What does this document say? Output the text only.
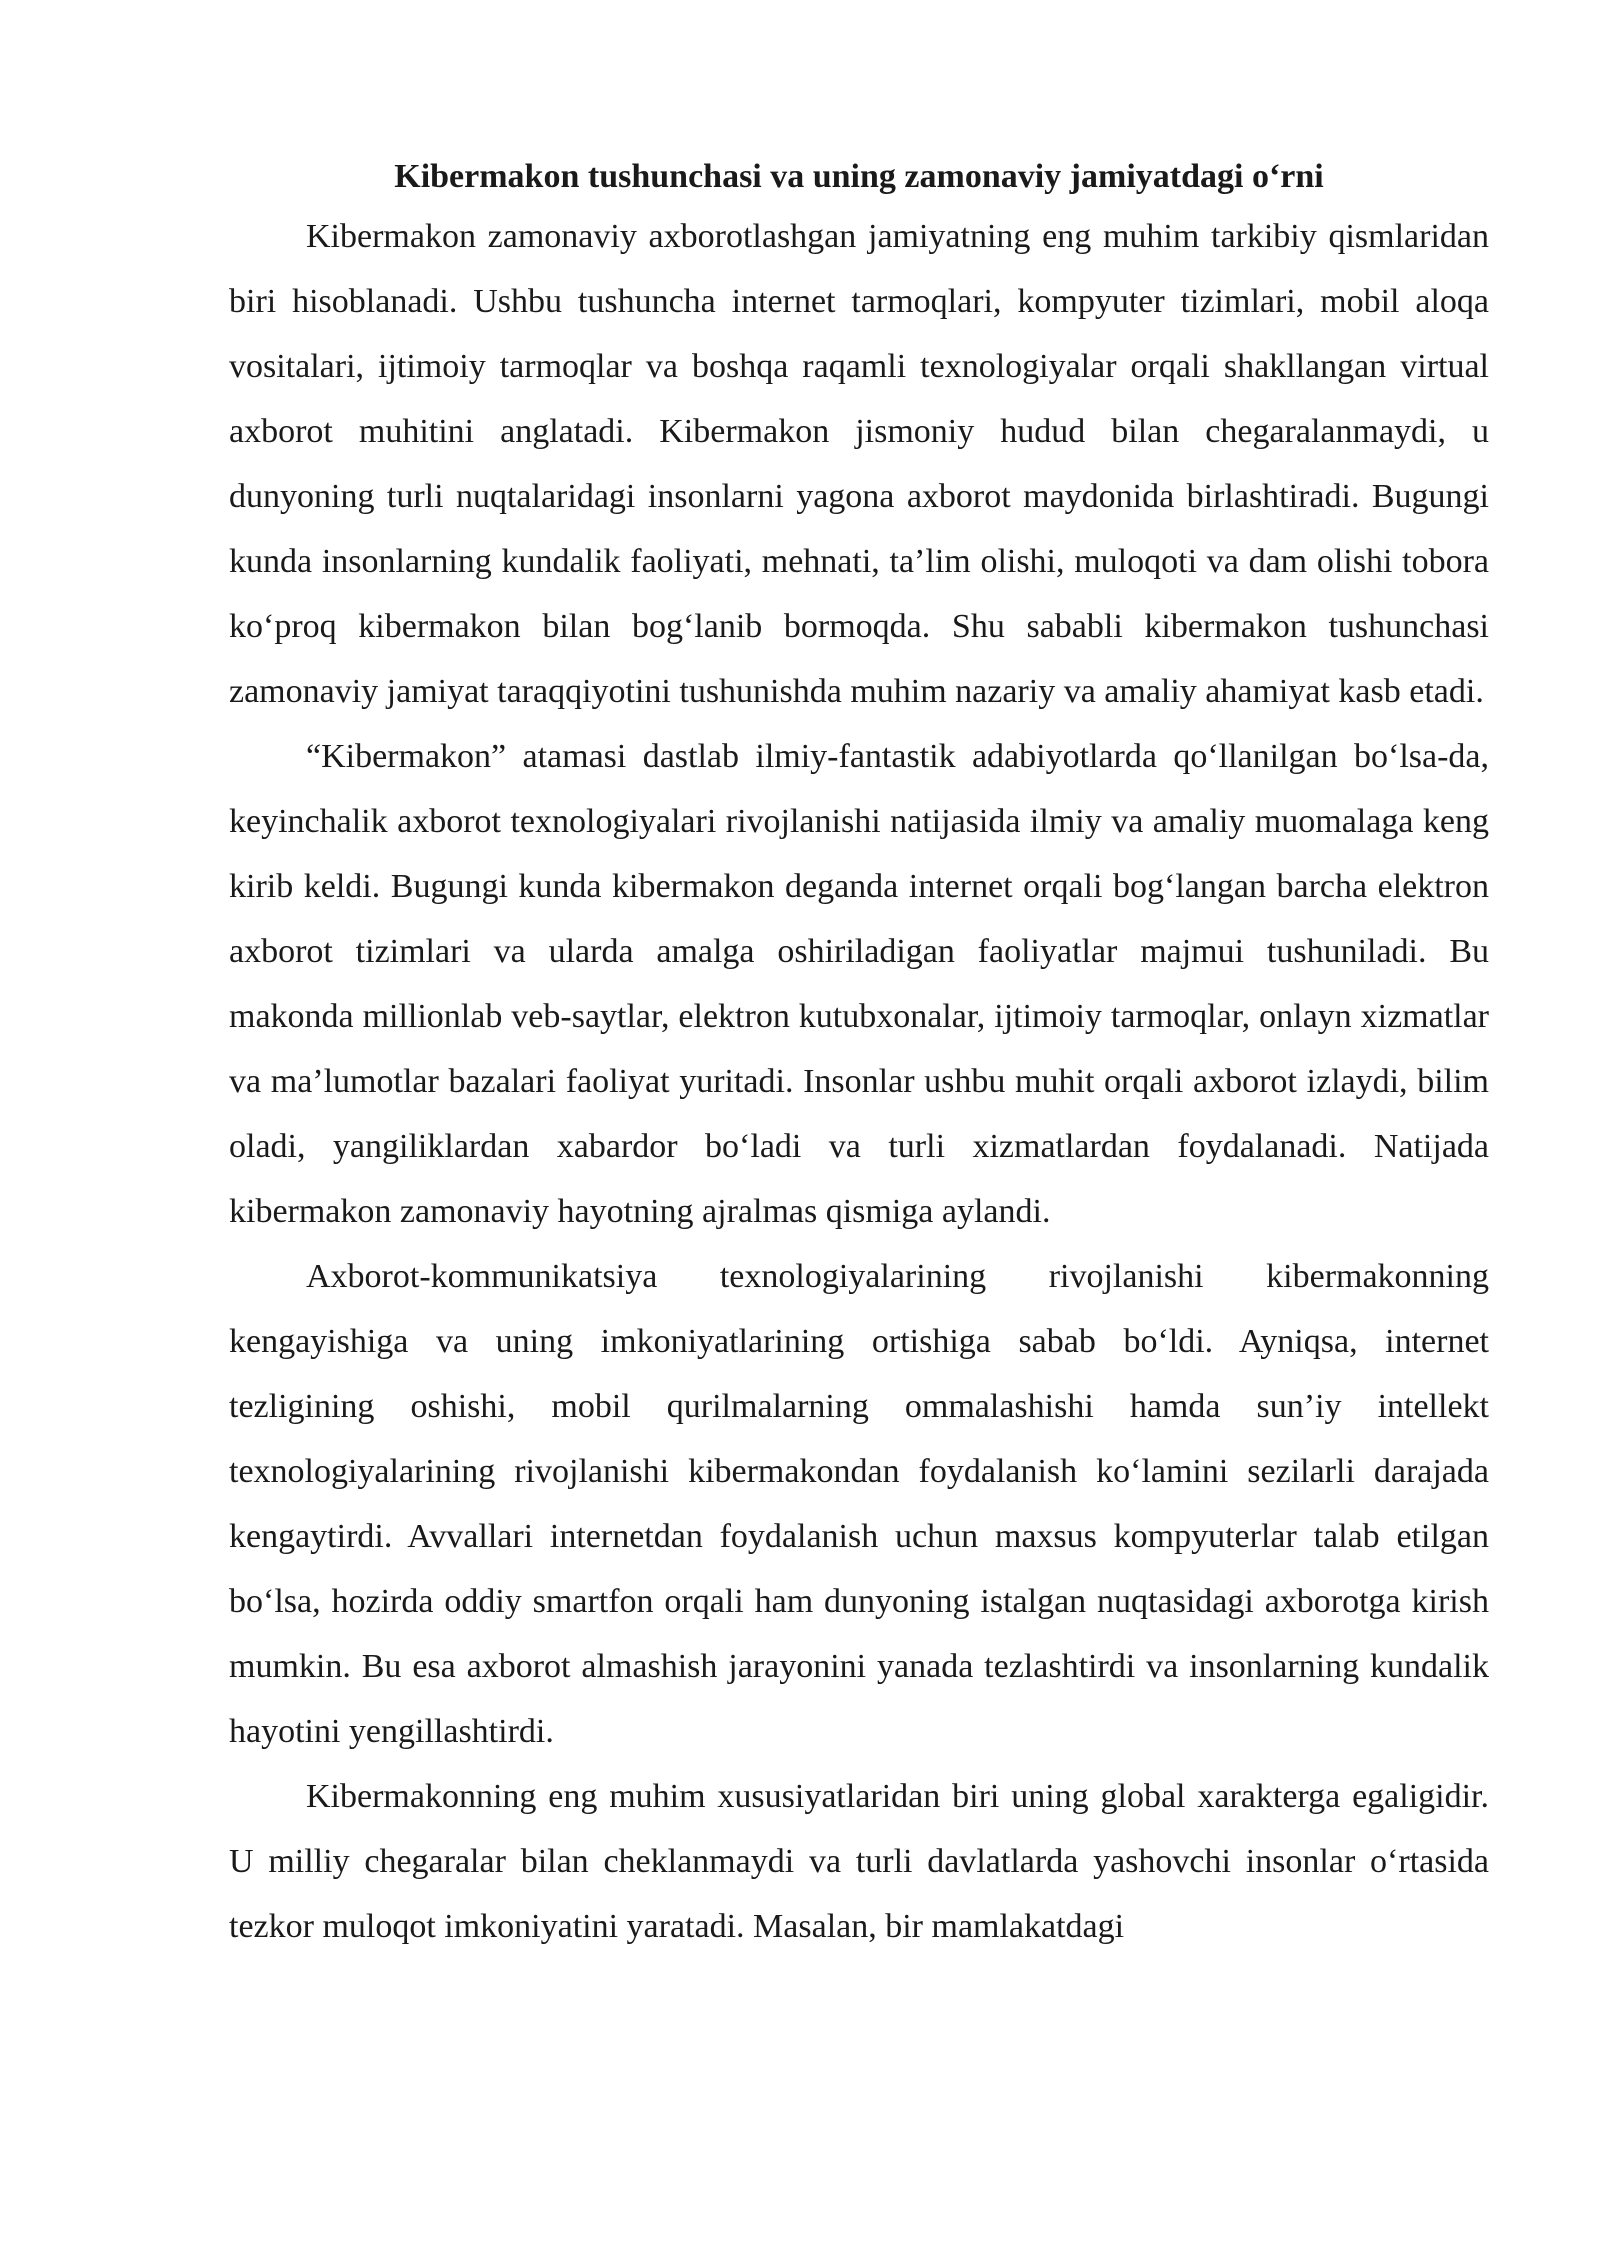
Kibermakon tushunchasi va uning zamonaviy jamiyatdagi o‘rni

Kibermakon zamonaviy axborotlashgan jamiyatning eng muhim tarkibiy qismlaridan biri hisoblanadi. Ushbu tushuncha internet tarmoqlari, kompyuter tizimlari, mobil aloqa vositalari, ijtimoiy tarmoqlar va boshqa raqamli texnologiyalar orqali shakllangan virtual axborot muhitini anglatadi. Kibermakon jismoniy hudud bilan chegaralanmaydi, u dunyoning turli nuqtalaridagi insonlarni yagona axborot maydonida birlashtiradi. Bugungi kunda insonlarning kundalik faoliyati, mehnati, ta’lim olishi, muloqoti va dam olishi tobora ko‘proq kibermakon bilan bog‘lanib bormoqda. Shu sababli kibermakon tushunchasi zamonaviy jamiyat taraqqiyotini tushunishda muhim nazariy va amaliy ahamiyat kasb etadi.

“Kibermakon” atamasi dastlab ilmiy-fantastik adabiyotlarda qo‘llanilgan bo‘lsa-da, keyinchalik axborot texnologiyalari rivojlanishi natijasida ilmiy va amaliy muomalaga keng kirib keldi. Bugungi kunda kibermakon deganda internet orqali bog‘langan barcha elektron axborot tizimlari va ularda amalga oshiriladigan faoliyatlar majmui tushuniladi. Bu makonda millionlab veb-saytlar, elektron kutubxonalar, ijtimoiy tarmoqlar, onlayn xizmatlar va ma’lumotlar bazalari faoliyat yuritadi. Insonlar ushbu muhit orqali axborot izlaydi, bilim oladi, yangiliklardan xabardor bo‘ladi va turli xizmatlardan foydalanadi. Natijada kibermakon zamonaviy hayotning ajralmas qismiga aylandi.

Axborot-kommunikatsiya texnologiyalarining rivojlanishi kibermakonning kengayishiga va uning imkoniyatlarining ortishiga sabab bo‘ldi. Ayniqsa, internet tezligining oshishi, mobil qurilmalarning ommalashishi hamda sun’iy intellekt texnologiyalarining rivojlanishi kibermakondan foydalanish ko‘lamini sezilarli darajada kengaytirdi. Avvallari internetdan foydalanish uchun maxsus kompyuterlar talab etilgan bo‘lsa, hozirda oddiy smartfon orqali ham dunyoning istalgan nuqtasidagi axborotga kirish mumkin. Bu esa axborot almashish jarayonini yanada tezlashtirdi va insonlarning kundalik hayotini yengillashtirdi.

Kibermakonning eng muhim xususiyatlaridan biri uning global xarakterga egaligidir. U milliy chegaralar bilan cheklanmaydi va turli davlatlarda yashovchi insonlar o‘rtasida tezkor muloqot imkoniyatini yaratadi. Masalan, bir mamlakatdagi
